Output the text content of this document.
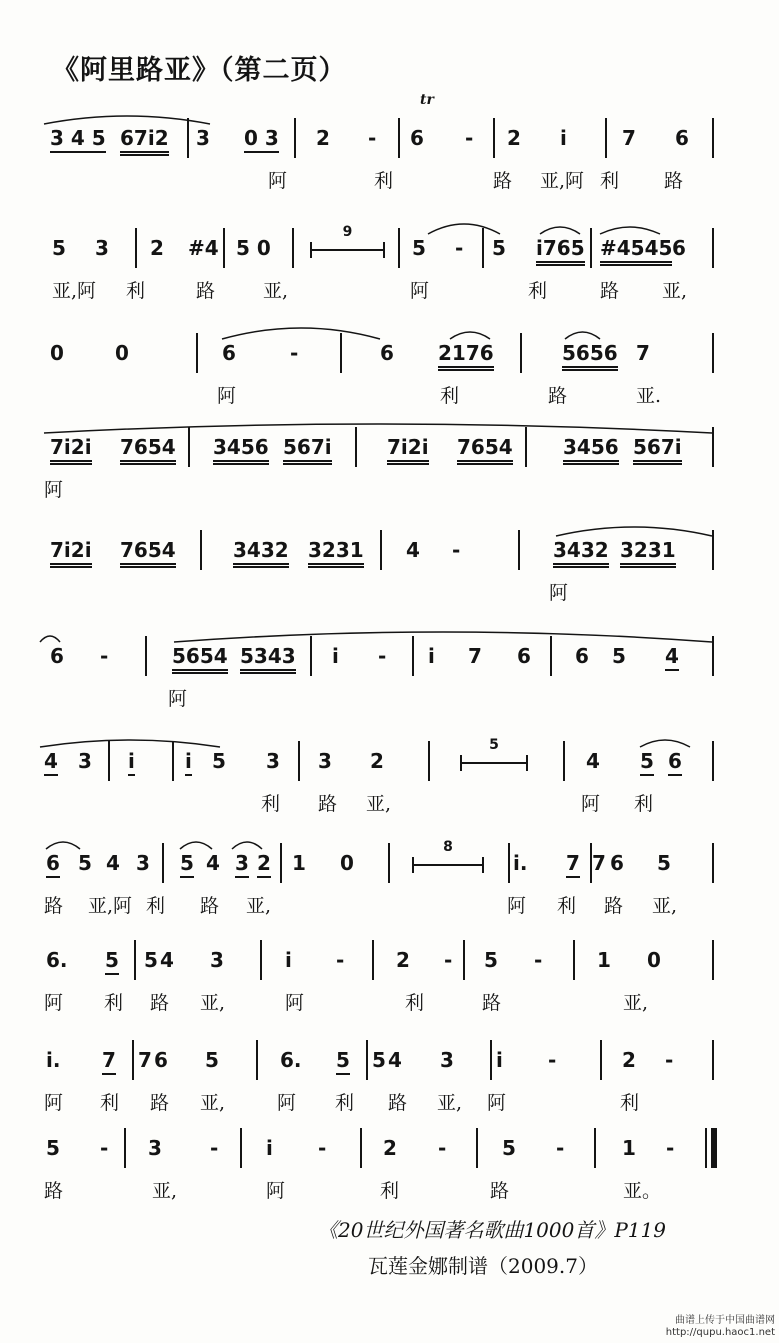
《阿里路亚》（第二页）
tr
3 4 5 67i2 3 0 3 2 - 6 - 2 i	7 6
阿	利	路 亚,阿 利 路
5 3 2 #4 5 0
9
5 - 5 i765 #4545 6
亚,阿 利	路	亚,	阿	利	路 亚,
0	0	6	-	6 2176	5656 7
阿	利	路	亚.
7i2i 7654 3456 567i	7i2i 7654	3456 567i
阿
7i2i 7654	3432 3231 4 -	3432 3231
阿
6 -	5654 5343 i - i 7 6 6 5 4
阿
4 3 i	i 5 3 3 2
5
4 5 6
利 路 亚,	阿 利
6 5 4 3 5 4 3 2 1 0
8
i. 7 7 6 5
路 亚,阿 利 路 亚,	阿 利 路 亚,
6. 5 5 4 3	i -	2 - 5 -	1 0
阿 利 路 亚,	阿	利	路	亚,
i. 7 7 6 5	6. 5 5 4 3 i -	2 -
阿 利 路 亚,	阿 利 路 亚, 阿	利
5 - 3 - i -	2 -	5 -	1 -
路	亚,	阿	利	路	亚。
《20世纪外国著名歌曲1000首》P119
瓦莲金娜制谱（2009.7）
曲谱上传于中国曲谱网
http://qupu.haoc1.net
